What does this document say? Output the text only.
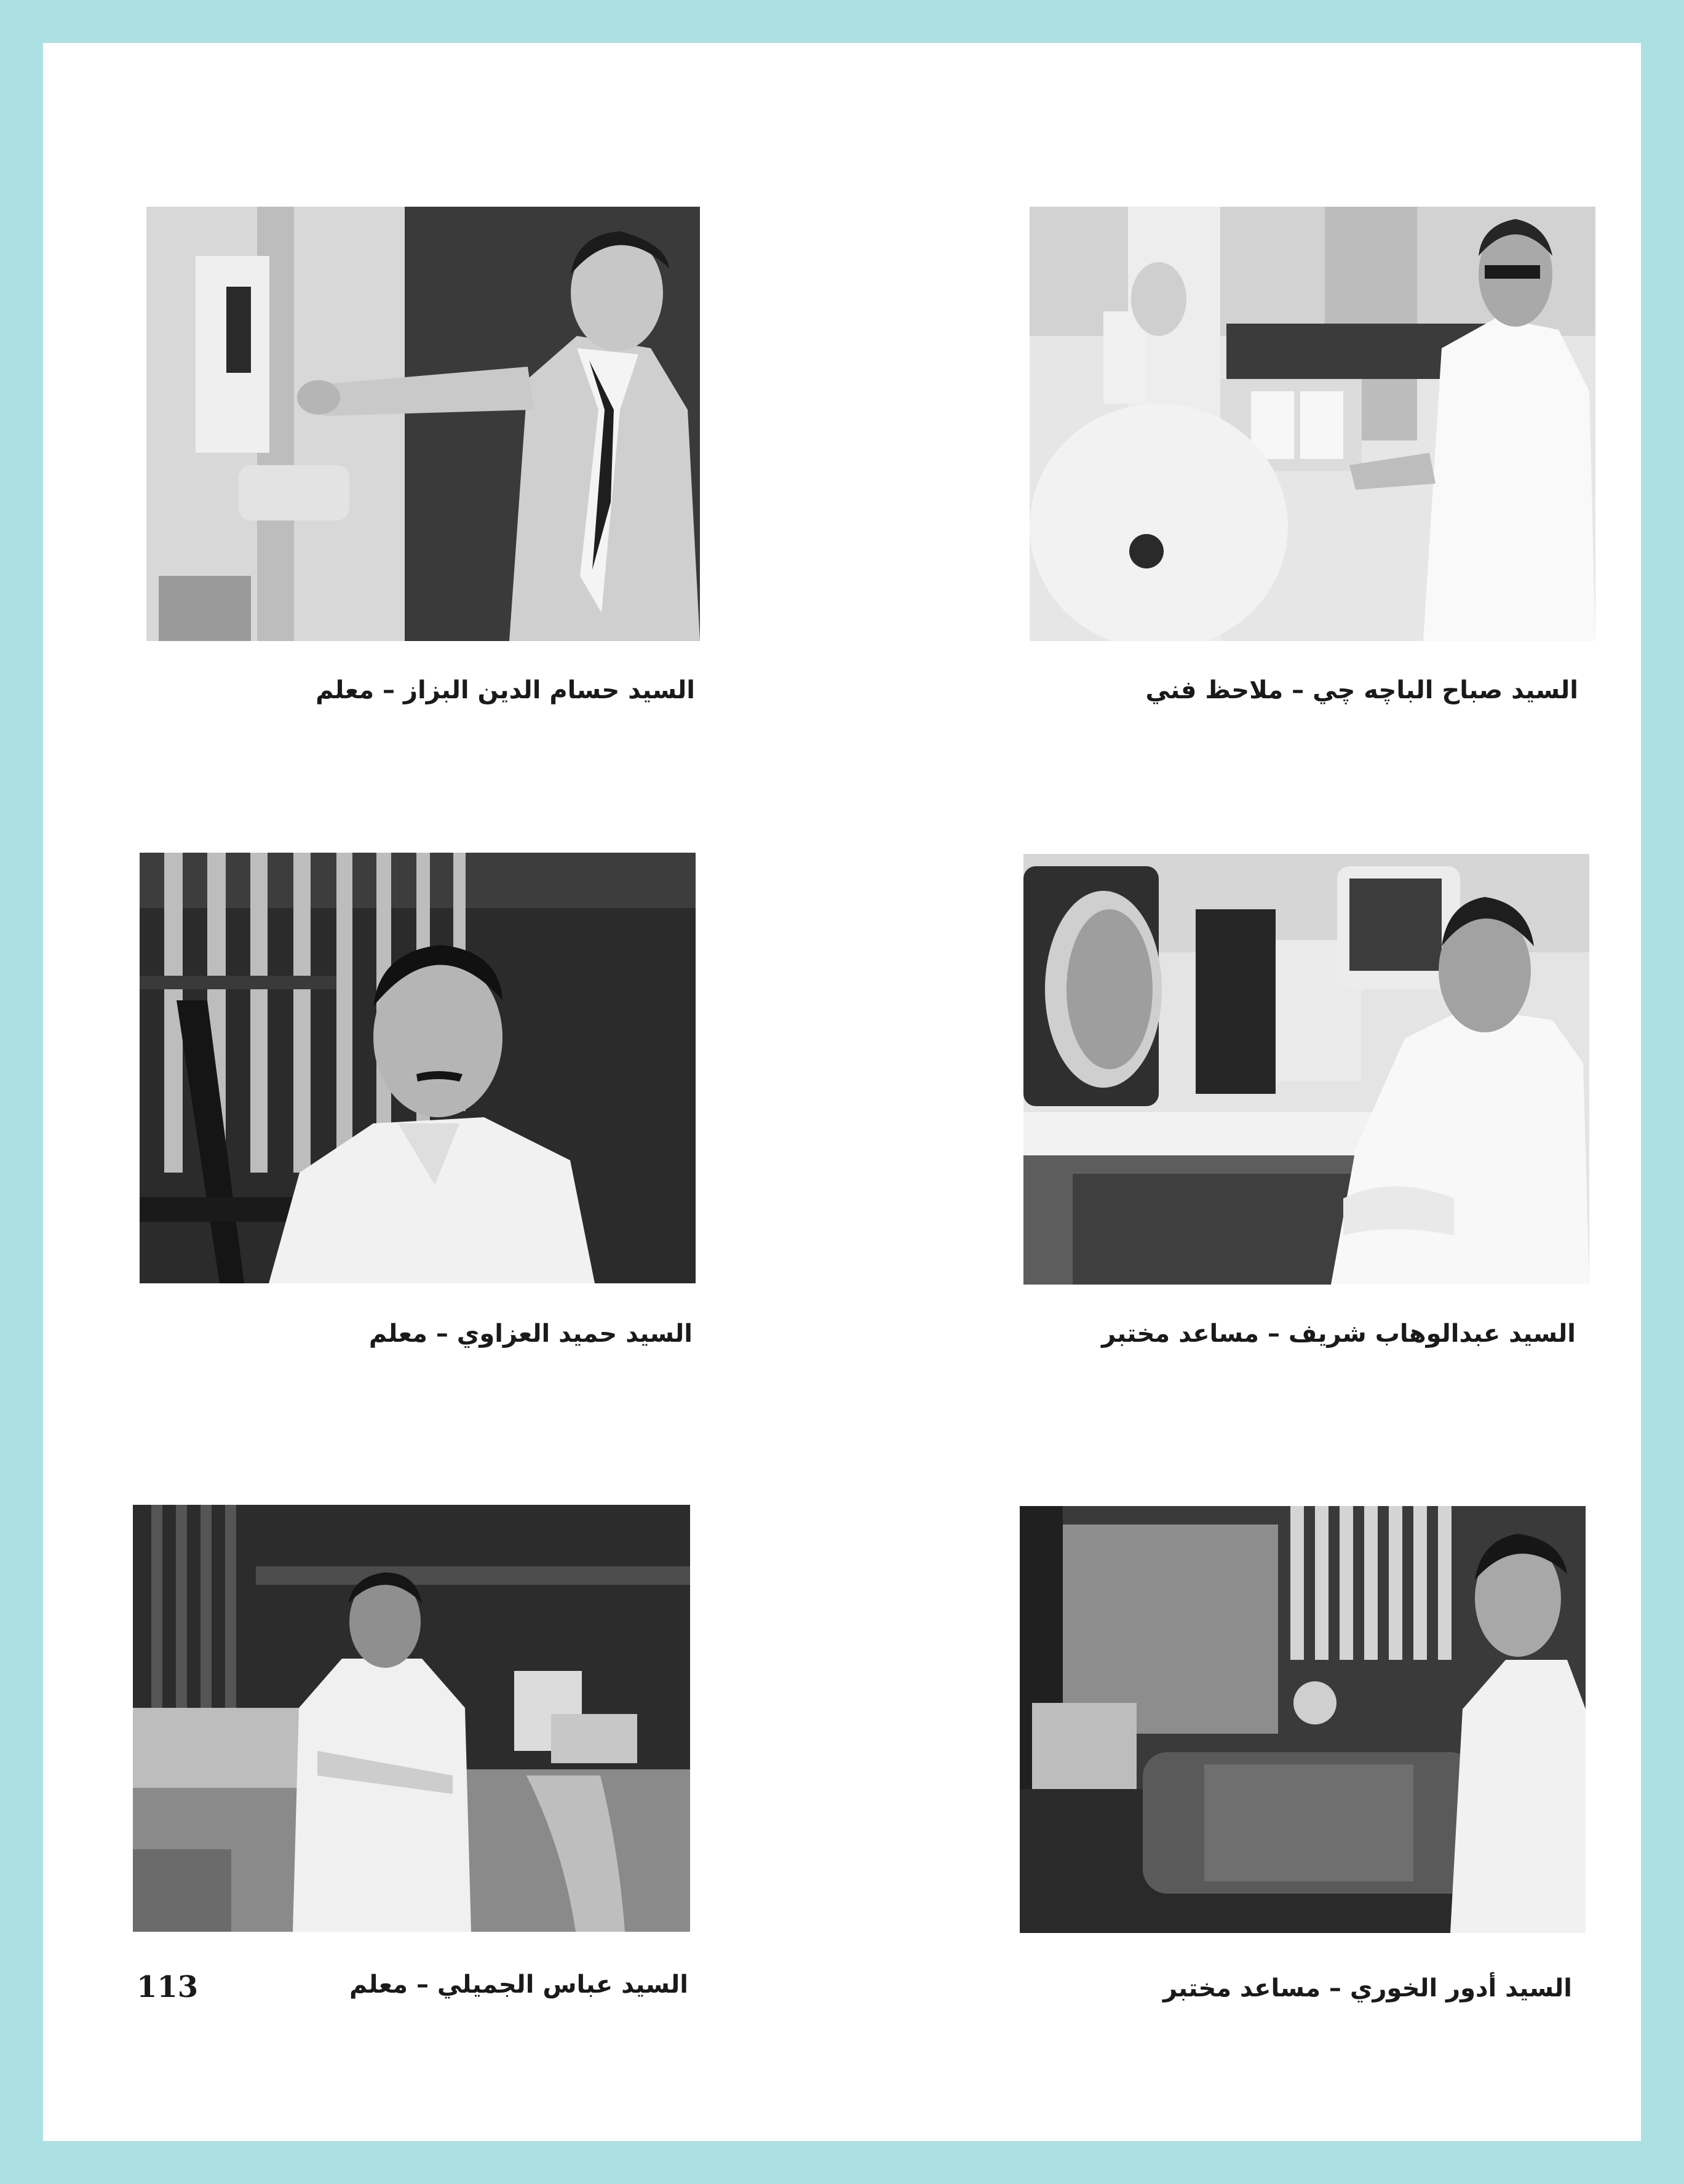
السيد حسام الدين البزاز – معلم	السيد صباح الباچه چي – ملاحظ فني
السيد حميد العزاوي – معلم	السيد عبدالوهاب شريف – مساعد مختبر
السيد عباس الجميلي – معلم
113	السيد أدور الخوري – مساعد مختبر
